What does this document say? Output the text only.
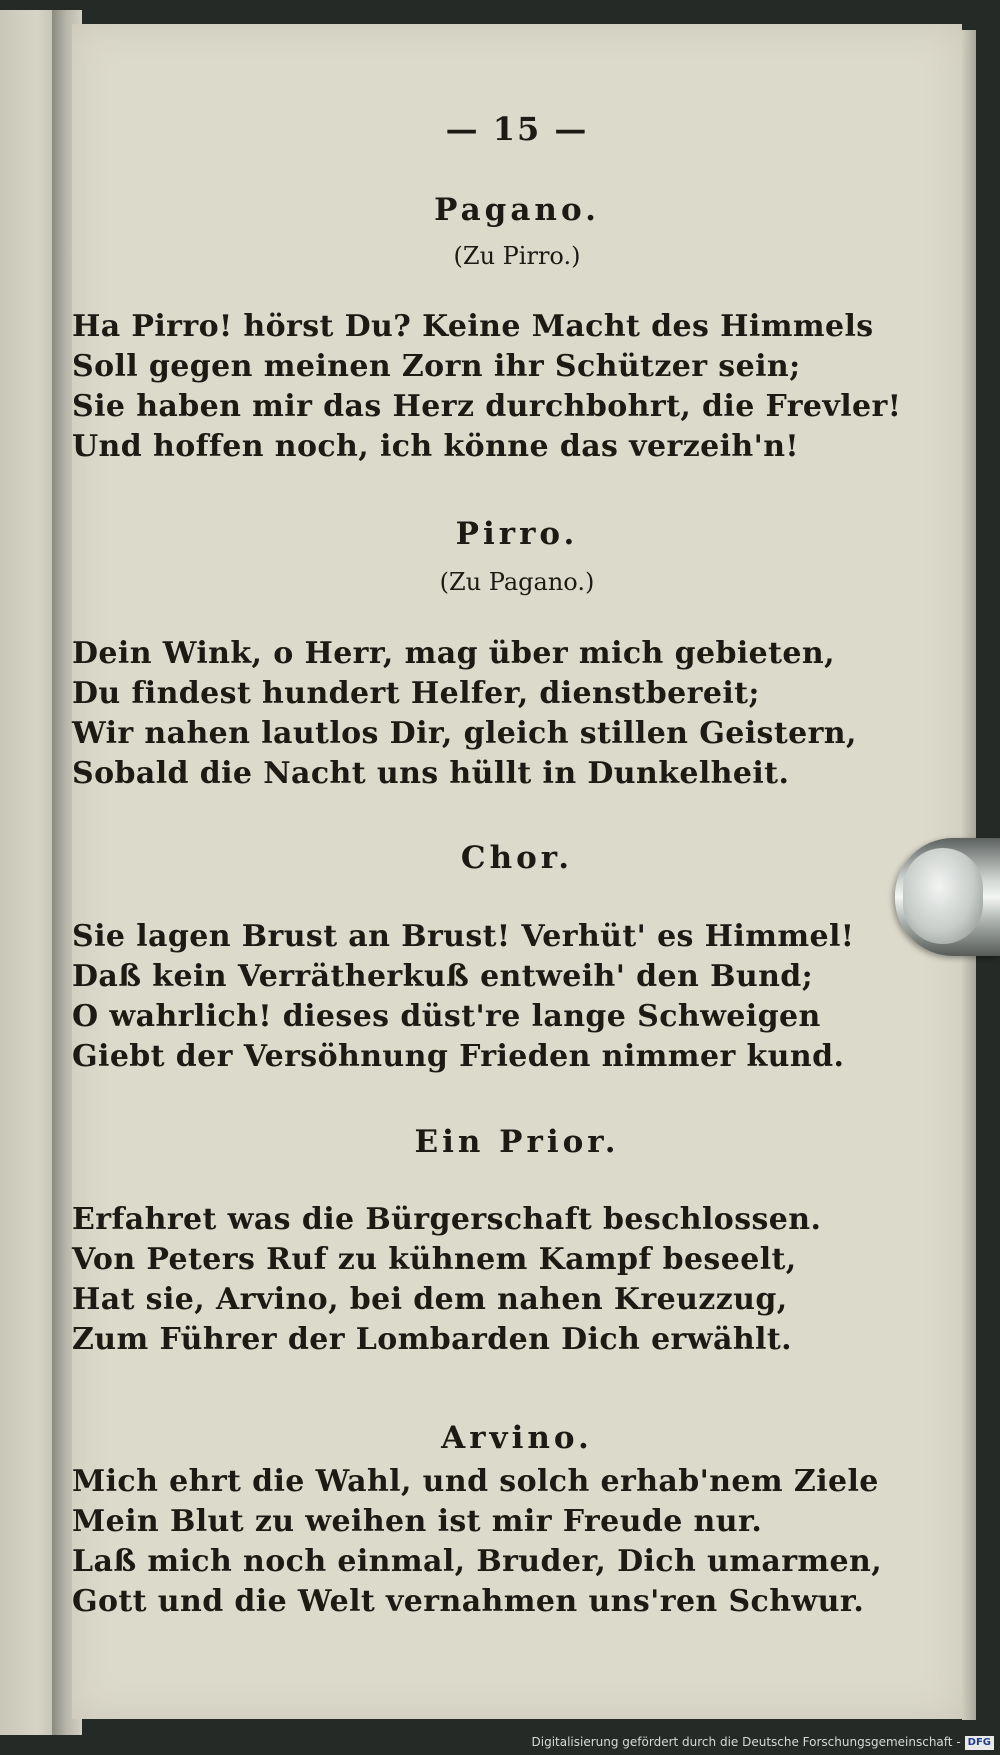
— 15 —
Pagano.
(Zu Pirro.)
Ha Pirro! hörst Du? Keine Macht des Himmels
Soll gegen meinen Zorn ihr Schützer sein;
Sie haben mir das Herz durchbohrt, die Frevler!
Und hoffen noch, ich könne das verzeih'n!
Pirro.
(Zu Pagano.)
Dein Wink, o Herr, mag über mich gebieten,
Du findest hundert Helfer, dienstbereit;
Wir nahen lautlos Dir, gleich stillen Geistern,
Sobald die Nacht uns hüllt in Dunkelheit.
Chor.
Sie lagen Brust an Brust! Verhüt' es Himmel!
Daß kein Verrätherkuß entweih' den Bund;
O wahrlich! dieses düst're lange Schweigen
Giebt der Versöhnung Frieden nimmer kund.
Ein Prior.
Erfahret was die Bürgerschaft beschlossen.
Von Peters Ruf zu kühnem Kampf beseelt,
Hat sie, Arvino, bei dem nahen Kreuzzug,
Zum Führer der Lombarden Dich erwählt.
Arvino.
Mich ehrt die Wahl, und solch erhab'nem Ziele
Mein Blut zu weihen ist mir Freude nur.
Laß mich noch einmal, Bruder, Dich umarmen,
Gott und die Welt vernahmen uns'ren Schwur.
Digitalisierung gefördert durch die Deutsche Forschungsgemeinschaft - DFG
